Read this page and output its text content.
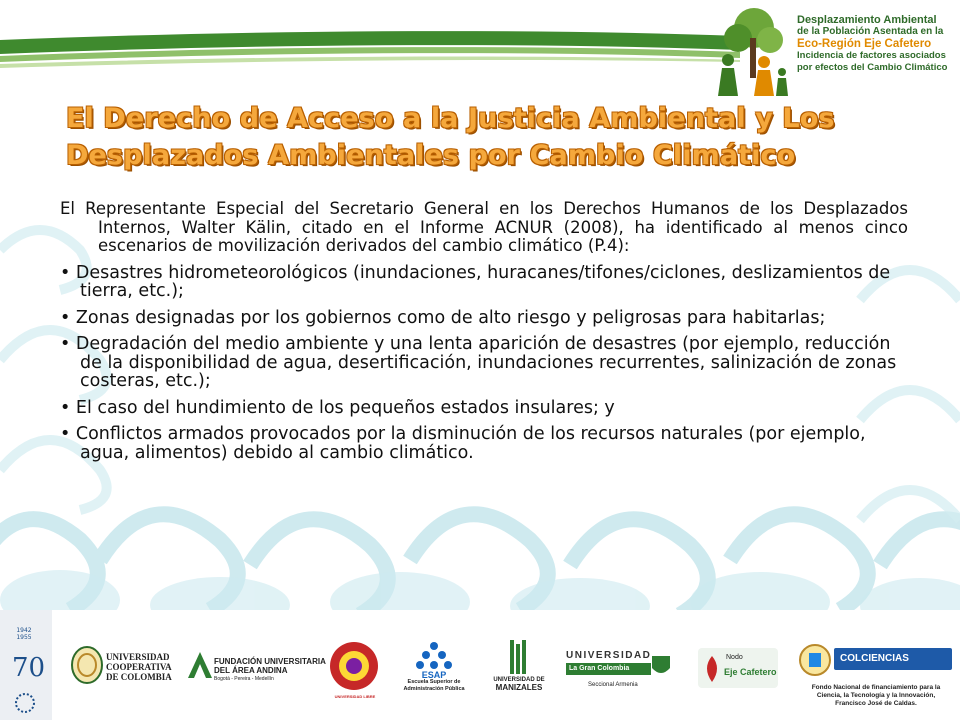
Desplazamiento Ambiental
de la Población Asentada en la
Eco-Región Eje Cafetero
Incidencia de factores asociados
por efectos del Cambio Climático
El Derecho de Acceso a la Justicia Ambiental y Los
Desplazados Ambientales por Cambio Climático

El Representante Especial del Secretario General en los Derechos Humanos de los Desplazados Internos, Walter Kälin, citado en el Informe ACNUR (2008), ha identificado al menos cinco escenarios de movilización derivados del cambio climático (P.4):

• Desastres hidrometeorológicos (inundaciones, huracanes/tifones/ciclones, deslizamientos de tierra, etc.);

• Zonas designadas por los gobiernos como de alto riesgo y peligrosas para habitarlas;

• Degradación del medio ambiente y una lenta aparición de desastres (por ejemplo, reducción de la disponibilidad de agua, desertificación, inundaciones recurrentes, salinización de zonas costeras, etc.);

• El caso del hundimiento de los pequeños estados insulares; y

• Conflictos armados provocados por la disminución de los recursos naturales (por ejemplo, agua, alimentos) debido al cambio climático.

1942
1955
70	UNIVERSIDAD
COOPERATIVA
DE COLOMBIA
FUNDACIÓN UNIVERSITARIA
DEL ÁREA ANDINA
Bogotá - Pereira - Medellín
UNIVERSIDAD LIBRE
ESAP
Escuela Superior de
Administración Pública
UNIVERSIDAD DE
MANIZALES
UNIVERSIDAD
La Gran Colombia
Seccional Armenia
Nodo
Eje Cafetero
COLCIENCIAS
Fondo Nacional de financiamiento para la
Ciencia, la Tecnología y la Innovación,
Francisco José de Caldas.
